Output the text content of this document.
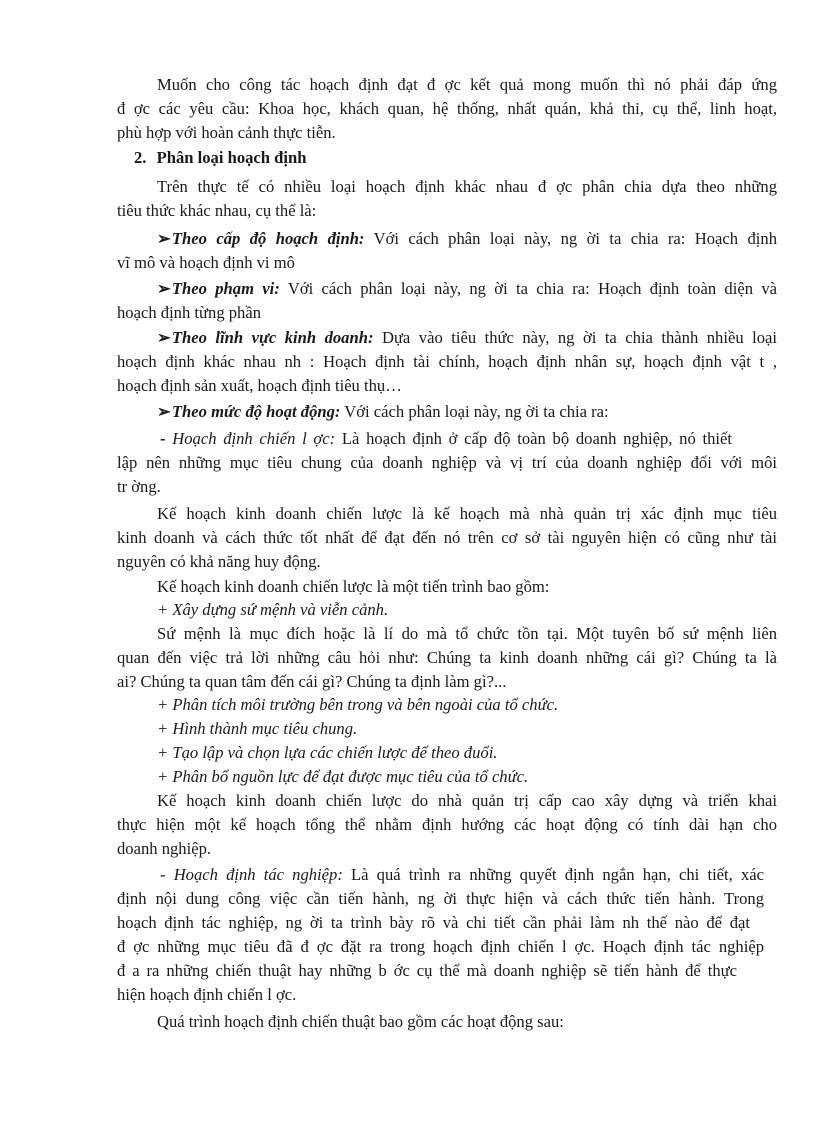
Muốn cho công tác hoạch định đạt đ ợc kết quả mong muốn thì nó phải đáp ứng
đ ợc các yêu cầu: Khoa học, khách quan, hệ thống, nhất quán, khả thi, cụ thể, linh hoạt,
phù hợp với hoàn cảnh thực tiễn.
2. Phân loại hoạch định
Trên thực tế có nhiều loại hoạch định khác nhau đ ợc phân chia dựa theo những
tiêu thức khác nhau, cụ thể là:
➢Theo cấp độ hoạch định: Với cách phân loại này, ng ời ta chia ra: Hoạch định
vĩ mô và hoạch định vi mô
➢Theo phạm vi: Với cách phân loại này, ng ời ta chia ra: Hoạch định toàn diện và
hoạch định từng phần
➢Theo lĩnh vực kinh doanh: Dựa vào tiêu thức này, ng ời ta chia thành nhiều loại
hoạch định khác nhau nh : Hoạch định tài chính, hoạch định nhân sự, hoạch định vật t ,
hoạch định sản xuất, hoạch định tiêu thụ…
➢Theo mức độ hoạt động: Với cách phân loại này, ng ời ta chia ra:
- Hoạch định chiến l ợc: Là hoạch định ở cấp độ toàn bộ doanh nghiệp, nó thiết
lập nên những mục tiêu chung của doanh nghiệp và vị trí của doanh nghiệp đối với môi
tr ờng.
Kế hoạch kinh doanh chiến lược là kế hoạch mà nhà quản trị xác định mục tiêu
kinh doanh và cách thức tốt nhất để đạt đến nó trên cơ sở tài nguyên hiện có cũng như tài
nguyên có khả năng huy động.
Kế hoạch kinh doanh chiến lược là một tiến trình bao gồm:
+ Xây dựng sứ mệnh và viễn cảnh.
Sứ mệnh là mục đích hoặc là lí do mà tổ chức tồn tại. Một tuyên bố sứ mệnh liên
quan đến việc trả lời những câu hỏi như: Chúng ta kinh doanh những cái gì? Chúng ta là
ai? Chúng ta quan tâm đến cái gì? Chúng ta định làm gì?...
+ Phân tích môi trường bên trong và bên ngoài của tổ chức.
+ Hình thành mục tiêu chung.
+ Tạo lập và chọn lựa các chiến lược để theo đuổi.
+ Phân bổ nguồn lực để đạt được mục tiêu của tổ chức.
Kế hoạch kinh doanh chiến lược do nhà quản trị cấp cao xây dựng và triển khai
thực hiện một kế hoạch tổng thể nhằm định hướng các hoạt động có tính dài hạn cho
doanh nghiệp.
- Hoạch định tác nghiệp: Là quá trình ra những quyết định ngắn hạn, chi tiết, xác
định nội dung công việc cần tiến hành, ng ời thực hiện và cách thức tiến hành. Trong
hoạch định tác nghiệp, ng ời ta trình bày rõ và chi tiết cần phải làm nh thế nào để đạt
đ ợc những mục tiêu đã đ ợc đặt ra trong hoạch định chiến l ợc. Hoạch định tác nghiệp
đ a ra những chiến thuật hay những b ớc cụ thể mà doanh nghiệp sẽ tiến hành để thực
hiện hoạch định chiến l ợc.
Quá trình hoạch định chiến thuật bao gồm các hoạt động sau:
